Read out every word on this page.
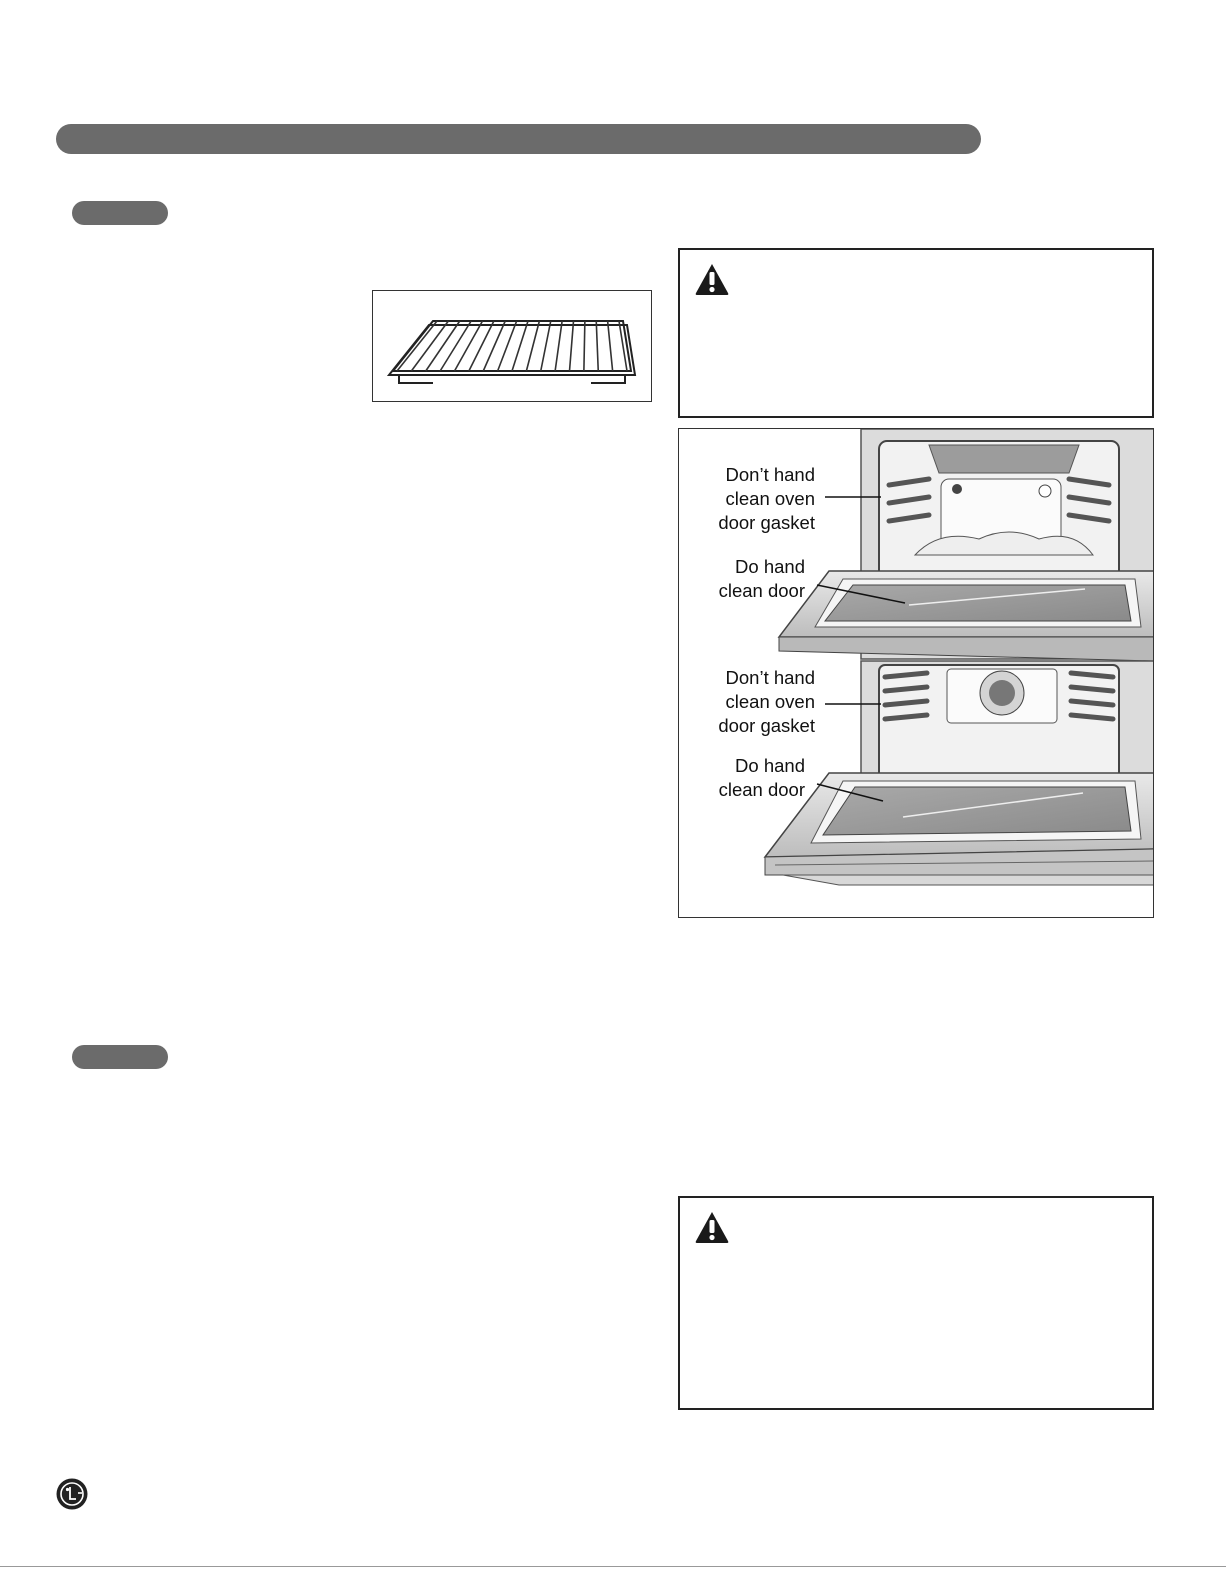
Don’t hand
clean oven
door gasket
Do hand
clean door
Don’t hand
clean oven
door gasket
Do hand
clean door
